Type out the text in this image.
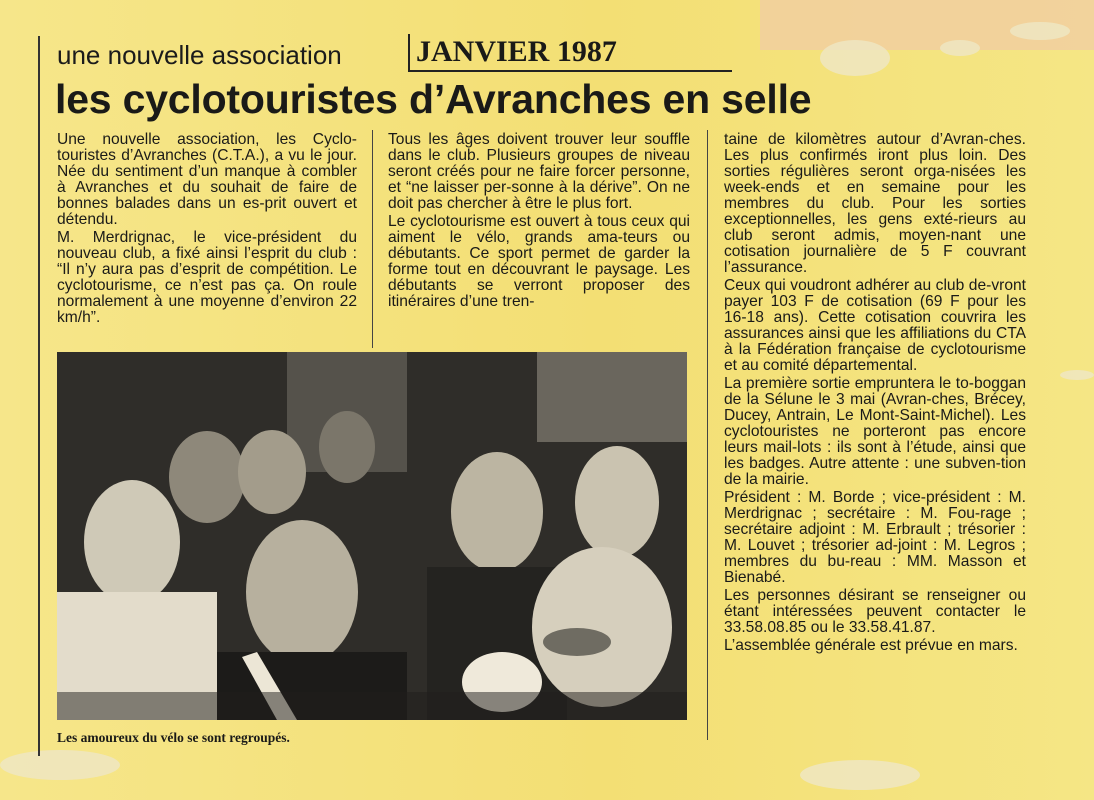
une nouvelle association JANVIER 1987
les cyclotouristes d’Avranches en selle

Une nouvelle association, les Cyclo-touristes d’Avranches (C.T.A.), a vu le jour. Née du sentiment d’un manque à combler à Avranches et du souhait de faire de bonnes balades dans un es-prit ouvert et détendu.

M. Merdrignac, le vice-président du nouveau club, a fixé ainsi l’esprit du club : “Il n’y aura pas d’esprit de compétition. Le cyclotourisme, ce n’est pas ça. On roule normalement à une moyenne d’environ 22 km/h”.

Tous les âges doivent trouver leur souffle dans le club. Plusieurs groupes de niveau seront créés pour ne faire forcer personne, et “ne laisser per-sonne à la dérive”. On ne doit pas chercher à être le plus fort.

Le cyclotourisme est ouvert à tous ceux qui aiment le vélo, grands ama-teurs ou débutants. Ce sport permet de garder la forme tout en découvrant le paysage. Les débutants se verront proposer des itinéraires d’une tren-

taine de kilomètres autour d’Avran-ches. Les plus confirmés iront plus loin. Des sorties régulières seront orga-nisées les week-ends et en semaine pour les membres du club. Pour les sorties exceptionnelles, les gens exté-rieurs au club seront admis, moyen-nant une cotisation journalière de 5 F couvrant l’assurance.

Ceux qui voudront adhérer au club de-vront payer 103 F de cotisation (69 F pour les 16-18 ans). Cette cotisation couvrira les assurances ainsi que les affiliations du CTA à la Fédération française de cyclotourisme et au comité départemental.

La première sortie empruntera le to-boggan de la Sélune le 3 mai (Avran-ches, Brécey, Ducey, Antrain, Le Mont-Saint-Michel). Les cyclotouristes ne porteront pas encore leurs mail-lots : ils sont à l’étude, ainsi que les badges. Autre attente : une subven-tion de la mairie.

Président : M. Borde ; vice-président : M. Merdrignac ; secrétaire : M. Fou-rage ; secrétaire adjoint : M. Erbrault ; trésorier : M. Louvet ; trésorier ad-joint : M. Legros ; membres du bu-reau : MM. Masson et Bienabé.

Les personnes désirant se renseigner ou étant intéressées peuvent contacter le 33.58.08.85 ou le 33.58.41.87.

L’assemblée générale est prévue en mars.

Les amoureux du vélo se sont regroupés.
